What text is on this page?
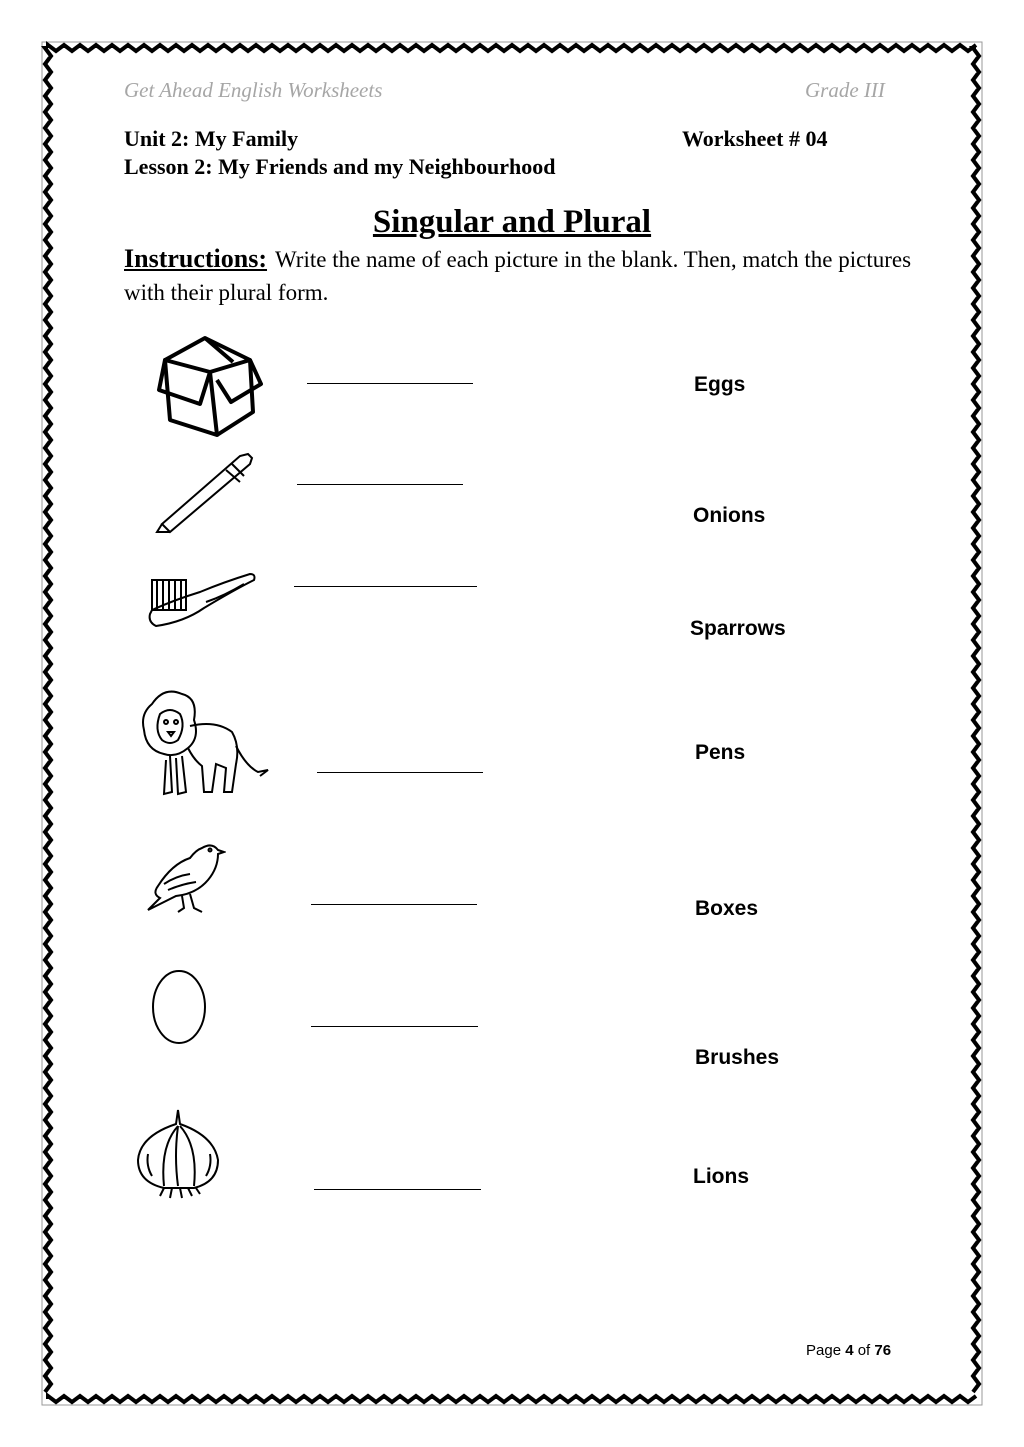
Get Ahead English Worksheets	Grade III
Unit 2: My Family	Worksheet # 04
Lesson 2: My Friends and my Neighbourhood
Singular and Plural
Instructions: Write the name of each picture in the blank. Then, match the pictures with their plural form.
Eggs
Onions
Sparrows
Pens
Boxes
Brushes
Lions
Page 4 of 76
